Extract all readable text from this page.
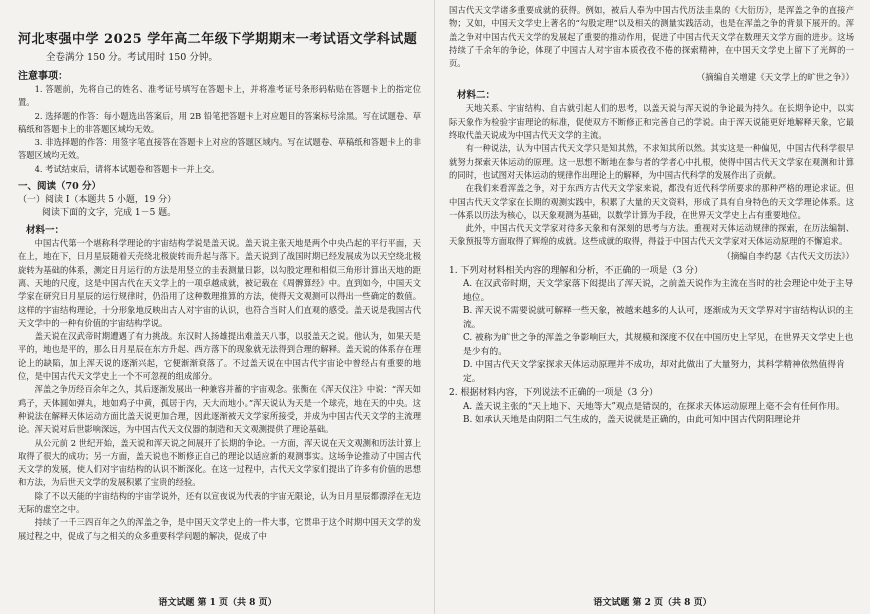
河北枣强中学 2025 学年高二年级下学期期末一考试语文学科试题
全卷满分 150 分。考试用时 150 分钟。
注意事项：

1. 答题前，先将自己的姓名、准考证号填写在答题卡上，并将准考证号条形码粘贴在答题卡上的指定位置。

2. 选择题的作答：每小题选出答案后，用 2B 铅笔把答题卡上对应题目的答案标号涂黑。写在试题卷、草稿纸和答题卡上的非答题区域均无效。

3. 非选择题的作答：用签字笔直接答在答题卡上对应的答题区域内。写在试题卷、草稿纸和答题卡上的非答题区域均无效。

4. 考试结束后，请将本试题卷和答题卡一并上交。

一、阅读（70 分）
（一）阅读 I（本题共 5 小题，19 分）
阅读下面的文字，完成 1－5 题。
材料一：

中国古代第一个堪称科学理论的宇宙结构学说是盖天说。盖天说主张天地是两个中央凸起的平行平面，天在上，地在下，日月星辰随着天壳绕北极旋转而升起与落下。盖天说到了战国时期已经发展成为以天空绕北极旋转为基础的体系，测定日月运行的方法是用竖立的圭表测量日影，以勾股定理和相似三角形计算出天地的距离、天地的尺度，这是中国古代在天文学上的一项卓越成就，被记载在《周髀算经》中。直到如今，中国天文学家在研究日月星辰的运行规律时，仍沿用了这种数理推算的方法，使得天文观测可以得出一些确定的数值。这样的宇宙结构理论，十分形象地反映出古人对宇宙的认识，也符合当时人们直观的感受。盖天说是我国古代天文学中的一种有价值的宇宙结构学说。

盖天说在汉武帝时期遭遇了有力挑战。东汉时人扬雄提出难盖天八事，以驳盖天之说。他认为，如果天是平的，地也是平的，那么日月星辰在东方升起、西方落下的现象就无法得到合理的解释。盖天说的体系存在理论上的缺陷，加上浑天说的逐渐兴起，它便渐渐衰落了。不过盖天说在中国古代宇宙论中曾经占有重要的地位，是中国古代天文学史上一个不可忽视的组成部分。

浑盖之争历经百余年之久，其后逐渐发展出一种兼容并蓄的宇宙观念。张衡在《浑天仪注》中说：“浑天如鸡子，天体圆如弹丸，地如鸡子中黄，孤居于内，天大而地小。”浑天说认为天是一个球壳，地在天的中央。这种说法在解释天体运动方面比盖天说更加合理，因此逐渐被天文学家所接受，并成为中国古代天文学的主流理论。浑天说对后世影响深远，为中国古代天文仪器的制造和天文观测提供了理论基础。

从公元前 2 世纪开始，盖天说和浑天说之间展开了长期的争论。一方面，浑天说在天文观测和历法计算上取得了很大的成功；另一方面，盖天说也不断修正自己的理论以适应新的观测事实。这场争论推动了中国古代天文学的发展，使人们对宇宙结构的认识不断深化。在这一过程中，古代天文学家们提出了许多有价值的思想和方法，为后世天文学的发展积累了宝贵的经验。

除了不以天能的宇宙结构的宇宙学说外，还有以宣夜说为代表的宇宙无限论，认为日月星辰都漂浮在无边无际的虚空之中。

持续了一千三四百年之久的浑盖之争，是中国天文学史上的一件大事，它贯串于这个时期中国天文学的发展过程之中，促成了与之相关的众多重要科学问题的解决，促成了中

语文试题 第 1 页（共 8 页）

国古代天文学诸多重要成就的获得。例如，被后人奉为中国古代历法圭臬的《大衍历》，是浑盖之争的直接产物；又如，中国天文学史上著名的“勾股定理”以及相关的测量实践活动，也是在浑盖之争的背景下展开的。浑盖之争对中国古代天文学的发展起了重要的推动作用，促进了中国古代天文学在数理天文学方面的进步。这场持续了千余年的争论，体现了中国古人对宇宙本质孜孜不倦的探索精神，在中国天文学史上留下了光辉的一页。

（摘编自关增建《天文学上的旷世之争》）
材料二：

天地关系、宇宙结构、自古就引起人们的思考，以盖天说与浑天说的争论最为持久。在长期争论中，以实际天象作为检验宇宙理论的标准，促使双方不断修正和完善自己的学说。由于浑天说能更好地解释天象，它最终取代盖天说成为中国古代天文学的主流。

有一种说法，认为中国古代天文学只是知其然，不求知其所以然。其实这是一种偏见，中国古代科学很早就努力探索天体运动的原理。这一思想不断地在参与者的学者心中扎根，使得中国古代天文学家在观测和计算的同时，也试图对天体运动的规律作出理论上的解释，为中国古代科学的发展作出了贡献。

在我们来看浑盖之争，对于东西方古代天文学家来说，都没有近代科学所要求的那种严格的理论求证。但中国古代天文学家在长期的观测实践中，积累了大量的天文资料，形成了具有自身特色的天文学理论体系。这一体系以历法为核心，以天象观测为基础，以数学计算为手段，在世界天文学史上占有重要地位。

此外，中国古代天文学家对待多天象和有深刻的思考与方法。重视对天体运动规律的探索，在历法编制、天象预报等方面取得了辉煌的成就。这些成就的取得，得益于中国古代天文学家对天体运动原理的不懈追求。

（摘编自李约瑟《古代天文历法》）
1. 下列对材料相关内容的理解和分析，不正确的一项是（3 分）
A. 在汉武帝时期，天文学家落下闳提出了浑天说，之前盖天说作为主流在当时的社会理论中处于主导地位。
B. 浑天说不需要说就可解释一些天象，被越来越多的人认可，逐渐成为天文学界对宇宙结构认识的主流。
C. 被称为旷世之争的浑盖之争影响巨大，其规模和深度不仅在中国历史上罕见，在世界天文学史上也是少有的。
D. 中国古代天文学家探求天体运动原理并不成功，却对此做出了大量努力，其科学精神依然值得肯定。
2. 根据材料内容，下列说法不正确的一项是（3 分）
A. 盖天说主张的“天上地下、天地等大”观点是错误的，在探求天体运动原理上毫不会有任何作用。
B. 如承认天地是由阴阳二气生成的，盖天说就是正确的，由此可知中国古代阴阳理论并
语文试题 第 2 页（共 8 页）
